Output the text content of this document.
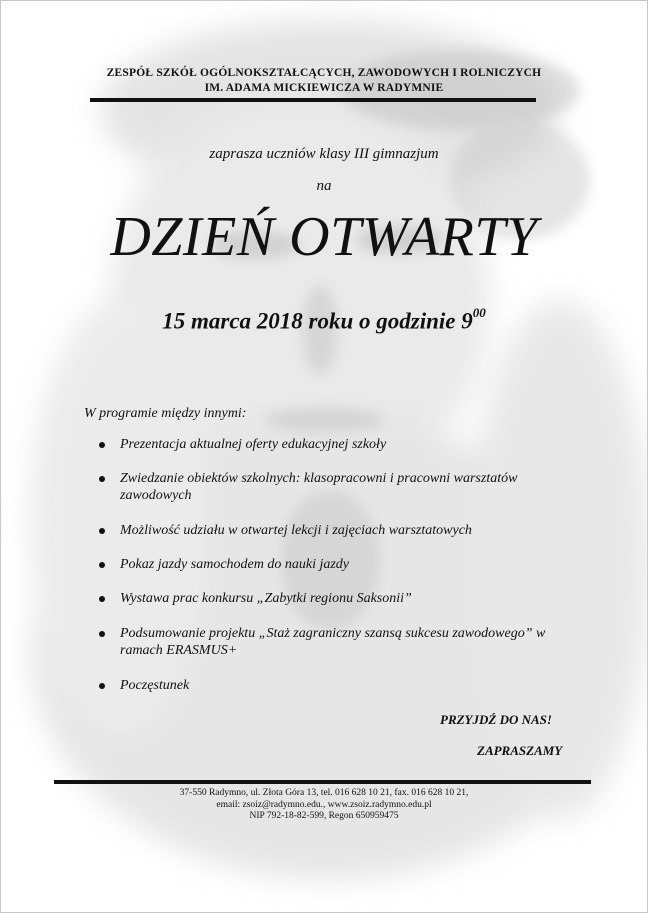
ZESPÓŁ SZKÓŁ OGÓLNOKSZTAŁCĄCYCH, ZAWODOWYCH I ROLNICZYCH
IM. ADAMA MICKIEWICZA W RADYMNIE
zaprasza uczniów klasy III gimnazjum
na
DZIEŃ OTWARTY
15 marca 2018 roku o godzinie $9^{00}$
W programie między innymi:
Prezentacja aktualnej oferty edukacyjnej szkoły
Zwiedzanie obiektów szkolnych: klasopracowni i pracowni warsztatów zawodowych
Możliwość udziału w otwartej lekcji i zajęciach warsztatowych
Pokaz jazdy samochodem do nauki jazdy
Wystawa prac konkursu „Zabytki regionu Saksonii”
Podsumowanie projektu „Staż zagraniczny szansą sukcesu zawodowego” w ramach ERASMUS+
Poczęstunek
PRZYJDŹ DO NAS!
ZAPRASZAMY
37-550 Radymno, ul. Złota Góra 13, tel. 016 628 10 21, fax. 016 628 10 21,
email: zsoiz@radymno.edu., www.zsoiz.radymno.edu.pl
NIP 792-18-82-599, Regon 650959475
